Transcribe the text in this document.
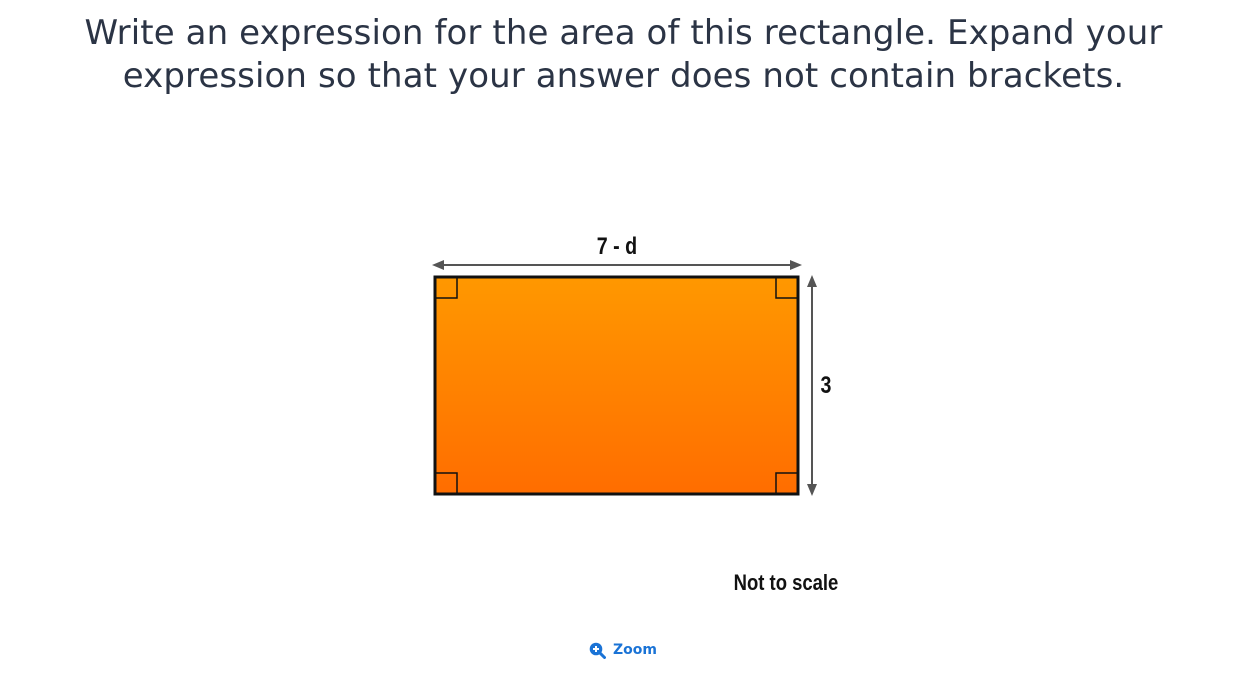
Write an expression for the area of this rectangle. Expand your
expression so that your answer does not contain brackets.
7 - d
3
Not to scale
Zoom
